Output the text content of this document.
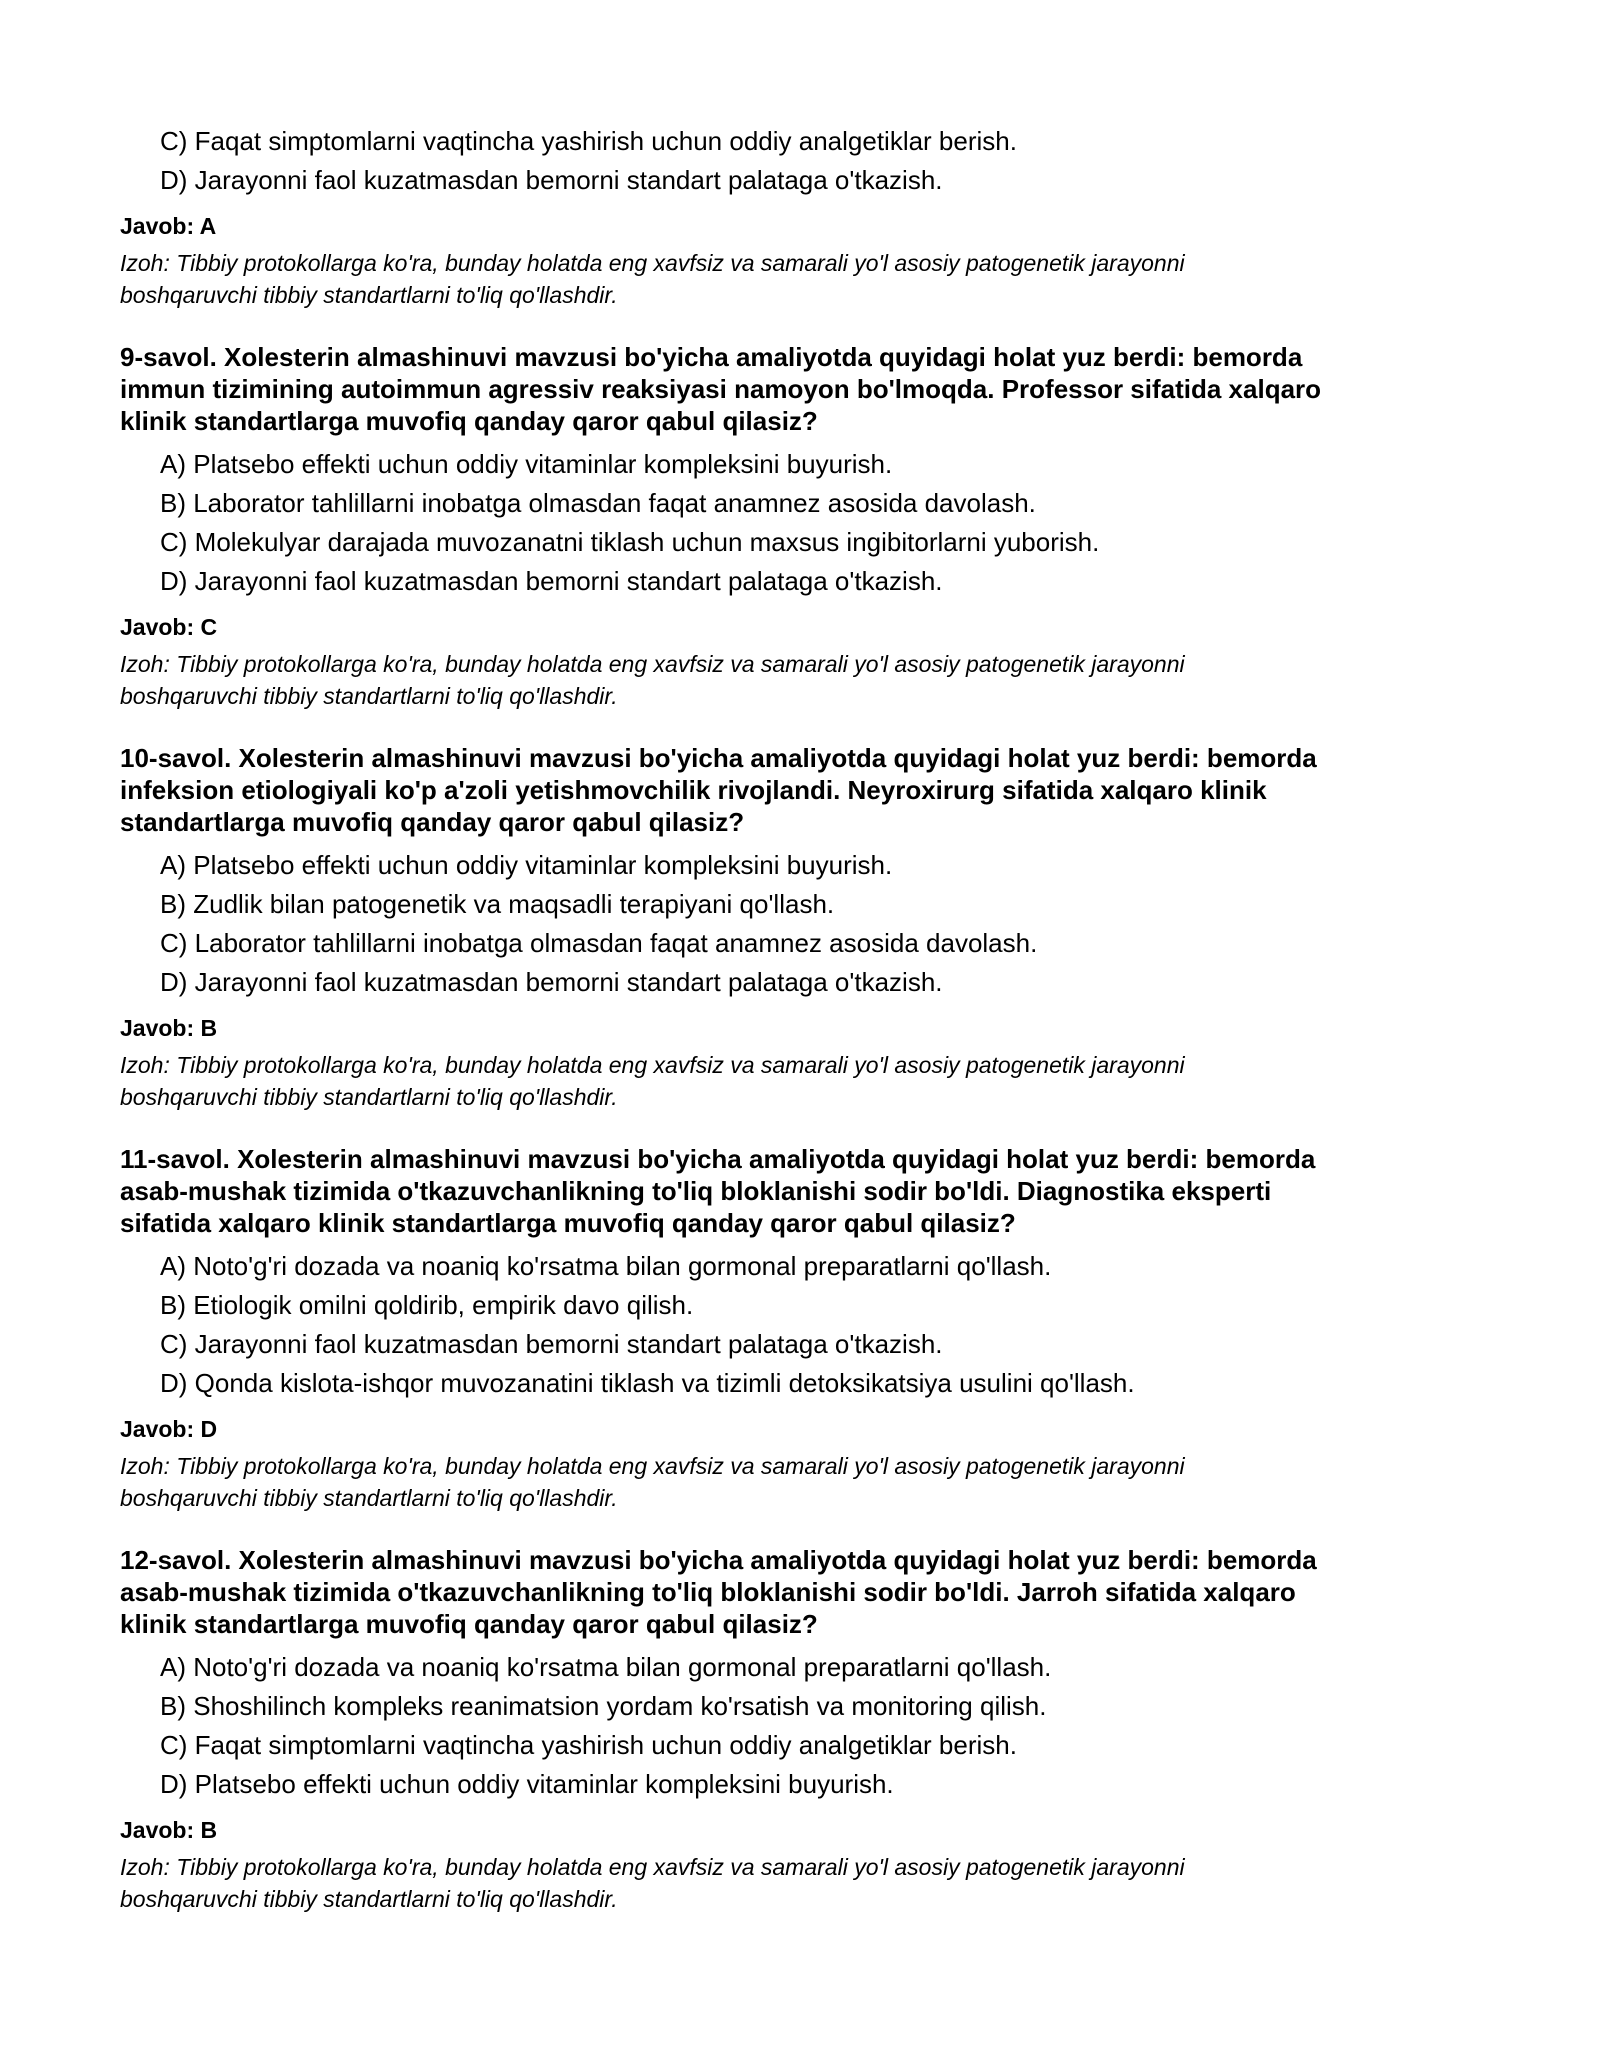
C) Faqat simptomlarni vaqtincha yashirish uchun oddiy analgetiklar berish.

D) Jarayonni faol kuzatmasdan bemorni standart palataga o'tkazish.

Javob: A

Izoh: Tibbiy protokollarga ko'ra, bunday holatda eng xavfsiz va samarali yo'l asosiy patogenetik jarayonni

boshqaruvchi tibbiy standartlarni to'liq qo'llashdir.

9-savol. Xolesterin almashinuvi mavzusi bo'yicha amaliyotda quyidagi holat yuz berdi: bemorda
immun tizimining autoimmun agressiv reaksiyasi namoyon bo'lmoqda. Professor sifatida xalqaro
klinik standartlarga muvofiq qanday qaror qabul qilasiz?

A) Platsebo effekti uchun oddiy vitaminlar kompleksini buyurish.

B) Laborator tahlillarni inobatga olmasdan faqat anamnez asosida davolash.

C) Molekulyar darajada muvozanatni tiklash uchun maxsus ingibitorlarni yuborish.

D) Jarayonni faol kuzatmasdan bemorni standart palataga o'tkazish.

Javob: C

Izoh: Tibbiy protokollarga ko'ra, bunday holatda eng xavfsiz va samarali yo'l asosiy patogenetik jarayonni

boshqaruvchi tibbiy standartlarni to'liq qo'llashdir.

10-savol. Xolesterin almashinuvi mavzusi bo'yicha amaliyotda quyidagi holat yuz berdi: bemorda
infeksion etiologiyali ko'p a'zoli yetishmovchilik rivojlandi. Neyroxirurg sifatida xalqaro klinik
standartlarga muvofiq qanday qaror qabul qilasiz?

A) Platsebo effekti uchun oddiy vitaminlar kompleksini buyurish.

B) Zudlik bilan patogenetik va maqsadli terapiyani qo'llash.

C) Laborator tahlillarni inobatga olmasdan faqat anamnez asosida davolash.

D) Jarayonni faol kuzatmasdan bemorni standart palataga o'tkazish.

Javob: B

Izoh: Tibbiy protokollarga ko'ra, bunday holatda eng xavfsiz va samarali yo'l asosiy patogenetik jarayonni

boshqaruvchi tibbiy standartlarni to'liq qo'llashdir.

11-savol. Xolesterin almashinuvi mavzusi bo'yicha amaliyotda quyidagi holat yuz berdi: bemorda
asab-mushak tizimida o'tkazuvchanlikning to'liq bloklanishi sodir bo'ldi. Diagnostika eksperti
sifatida xalqaro klinik standartlarga muvofiq qanday qaror qabul qilasiz?

A) Noto'g'ri dozada va noaniq ko'rsatma bilan gormonal preparatlarni qo'llash.

B) Etiologik omilni qoldirib, empirik davo qilish.

C) Jarayonni faol kuzatmasdan bemorni standart palataga o'tkazish.

D) Qonda kislota-ishqor muvozanatini tiklash va tizimli detoksikatsiya usulini qo'llash.

Javob: D

Izoh: Tibbiy protokollarga ko'ra, bunday holatda eng xavfsiz va samarali yo'l asosiy patogenetik jarayonni

boshqaruvchi tibbiy standartlarni to'liq qo'llashdir.

12-savol. Xolesterin almashinuvi mavzusi bo'yicha amaliyotda quyidagi holat yuz berdi: bemorda
asab-mushak tizimida o'tkazuvchanlikning to'liq bloklanishi sodir bo'ldi. Jarroh sifatida xalqaro
klinik standartlarga muvofiq qanday qaror qabul qilasiz?

A) Noto'g'ri dozada va noaniq ko'rsatma bilan gormonal preparatlarni qo'llash.

B) Shoshilinch kompleks reanimatsion yordam ko'rsatish va monitoring qilish.

C) Faqat simptomlarni vaqtincha yashirish uchun oddiy analgetiklar berish.

D) Platsebo effekti uchun oddiy vitaminlar kompleksini buyurish.

Javob: B

Izoh: Tibbiy protokollarga ko'ra, bunday holatda eng xavfsiz va samarali yo'l asosiy patogenetik jarayonni

boshqaruvchi tibbiy standartlarni to'liq qo'llashdir.
